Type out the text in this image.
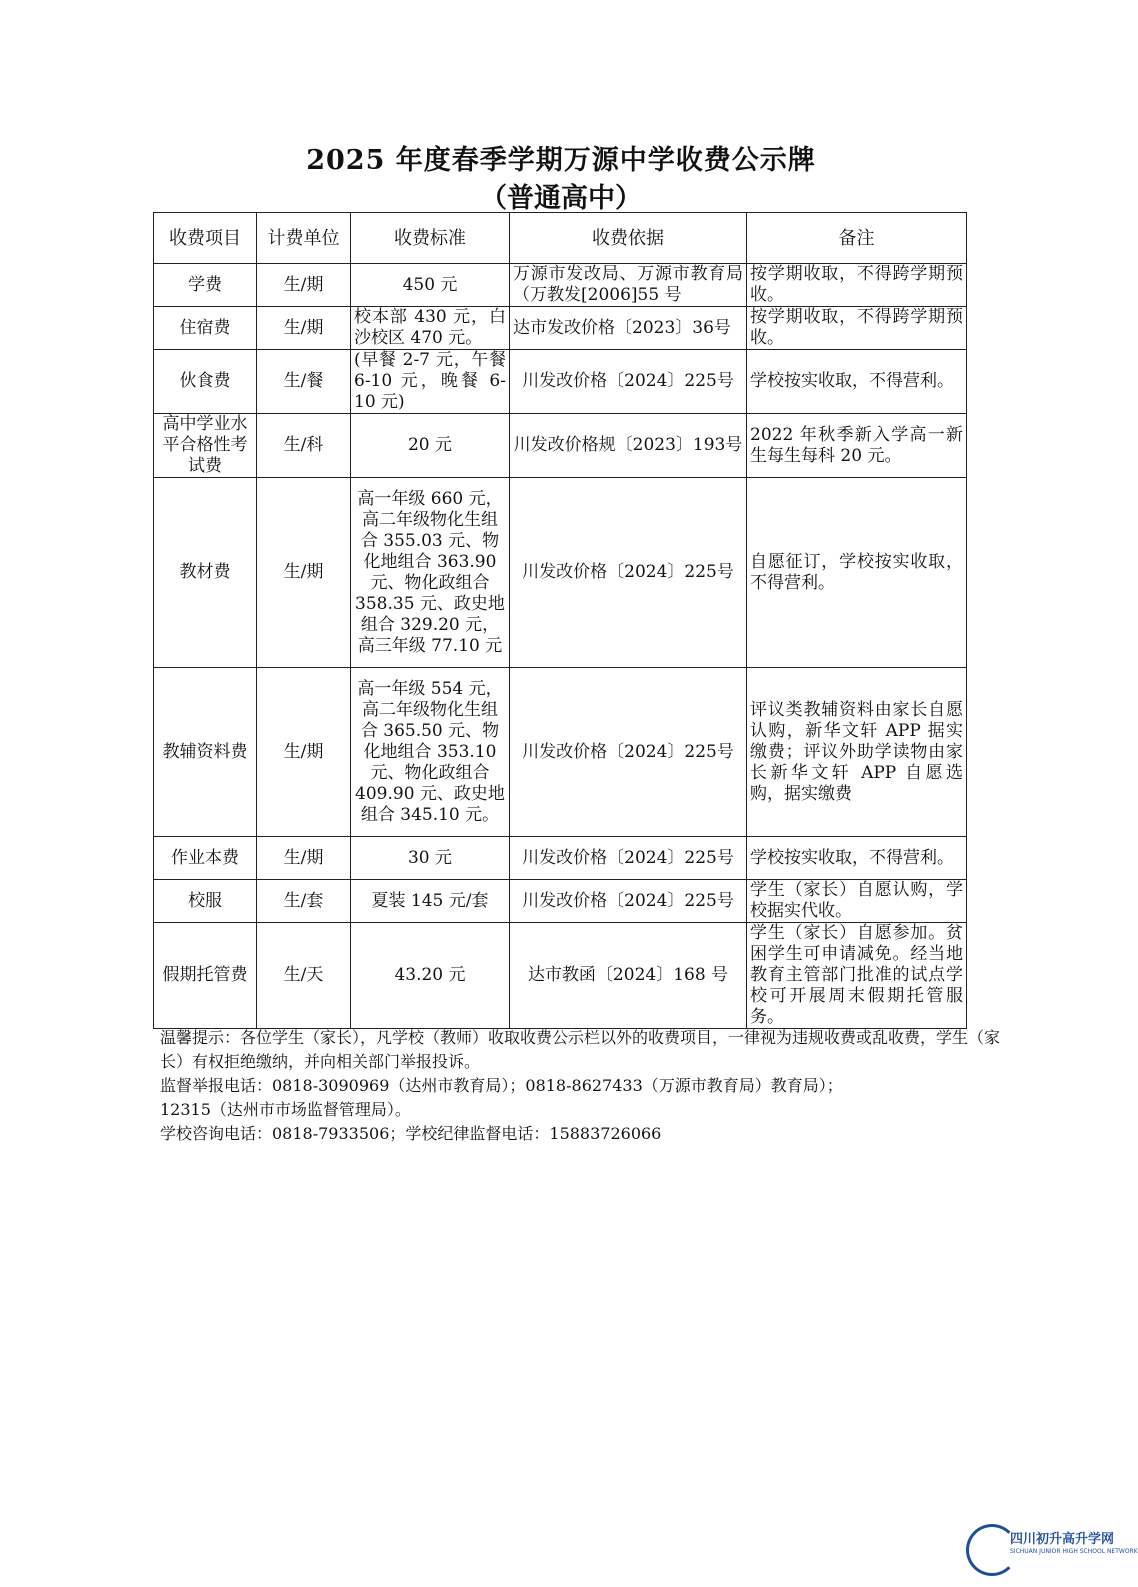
2025 年度春季学期万源中学收费公示牌
（普通高中）
收费项目	计费单位	收费标准	收费依据	备注
学费	生/期	450 元	万源市发改局、万源市教育局（万教发[2006]55 号	按学期收取，不得跨学期预收。
住宿费	生/期	校本部 430 元，白沙校区 470 元。	达市发改价格〔2023〕36号	按学期收取，不得跨学期预收。
伙食费	生/餐	(早餐 2-7 元，午餐 6-10 元，晚餐 6-10 元)	川发改价格〔2024〕225号	学校按实收取，不得营利。
高中学业水平合格性考试费	生/科	20 元	川发改价格规〔2023〕193号	2022 年秋季新入学高一新生每生每科 20 元。
教材费	生/期	高一年级 660 元，高二年级物化生组合 355.03 元、物化地组合 363.90 元、物化政组合 358.35 元、政史地组合 329.20 元，高三年级 77.10 元	川发改价格〔2024〕225号	自愿征订，学校按实收取，不得营利。
教辅资料费	生/期	高一年级 554 元，高二年级物化生组合 365.50 元、物化地组合 353.10 元、物化政组合 409.90 元、政史地组合 345.10 元。	川发改价格〔2024〕225号	评议类教辅资料由家长自愿认购，新华文轩 APP 据实缴费；评议外助学读物由家长新华文轩 APP 自愿选购，据实缴费
作业本费	生/期	30 元	川发改价格〔2024〕225号	学校按实收取，不得营利。
校服	生/套	夏装 145 元/套	川发改价格〔2024〕225号	学生（家长）自愿认购，学校据实代收。
假期托管费	生/天	43.20 元	达市教函〔2024〕168 号	学生（家长）自愿参加。贫困学生可申请减免。经当地教育主管部门批准的试点学校可开展周末假期托管服务。

温馨提示：各位学生（家长），凡学校（教师）收取收费公示栏以外的收费项目，一律视为违规收费或乱收费，学生（家长）有权拒绝缴纳，并向相关部门举报投诉。

监督举报电话：0818-3090969（达州市教育局）；0818-8627433（万源市教育局）教育局）；

12315（达州市市场监督管理局）。

学校咨询电话：0818-7933506；学校纪律监督电话：15883726066

四川初升高升学网
SICHUAN JUNIOR HIGH SCHOOL NETWORK
